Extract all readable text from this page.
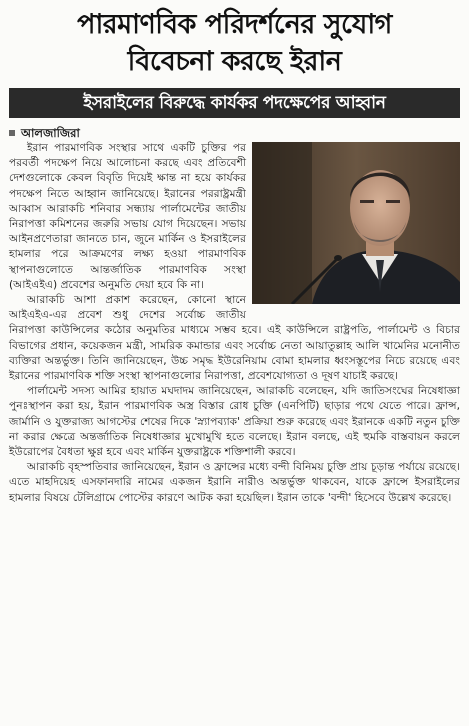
পারমাণবিক পরিদর্শনের সুযোগ
বিবেচনা করছে ইরান
ইসরাইলের বিরুদ্ধে কার্যকর পদক্ষেপের আহ্বান
আলজাজিরা

ইরান পারমাণবিক সংস্থার সাথে একটি চুক্তির পর পরবর্তী পদক্ষেপ নিয়ে আলোচনা করছে এবং প্রতিবেশী দেশগুলোকে কেবল বিবৃতি দিয়েই ক্ষান্ত না হয়ে কার্যকর পদক্ষেপ নিতে আহ্বান জানিয়েছে। ইরানের পররাষ্ট্রমন্ত্রী আব্বাস আরাকচি শনিবার সন্ধ্যায় পার্লামেন্টের জাতীয় নিরাপত্তা কমিশনের জরুরি সভায় যোগ দিয়েছেন। সভায় আইনপ্রণেতারা জানতে চান, জুনে মার্কিন ও ইসরাইলের হামলার পরে আক্রমণের লক্ষ্য হওয়া পারমাণবিক স্থাপনাগুলোতে আন্তর্জাতিক পারমাণবিক সংস্থা (আইএইএ) প্রবেশের অনুমতি দেয়া হবে কি না।

আরাকচি আশা প্রকাশ করেছেন, কোনো স্থানে আইএইএ-এর প্রবেশ শুধু দেশের সর্বোচ্চ জাতীয় নিরাপত্তা কাউন্সিলের কঠোর অনুমতির মাধ্যমে সম্ভব হবে। এই কাউন্সিলে রাষ্ট্রপতি, পার্লামেন্ট ও বিচার বিভাগের প্রধান, কয়েকজন মন্ত্রী, সামরিক কমান্ডার এবং সর্বোচ্চ নেতা আয়াতুল্লাহ আলি খামেনির মনোনীত ব্যক্তিরা অন্তর্ভুক্ত। তিনি জানিয়েছেন, উচ্চ সমৃদ্ধ ইউরেনিয়াম বোমা হামলার ধ্বংসস্তূপের নিচে রয়েছে এবং ইরানের পারমাণবিক শক্তি সংস্থা স্থাপনাগুলোর নিরাপত্তা, প্রবেশযোগ্যতা ও দূষণ যাচাই করছে।

পার্লামেন্ট সদস্য আমির হায়াত মঘদাদম জানিয়েছেন, আরাকচি বলেছেন, যদি জাতিসংঘের নিষেধাজ্ঞা পুনঃস্থাপন করা হয়, ইরান পারমাণবিক অস্ত্র বিস্তার রোধ চুক্তি (এনপিটি) ছাড়ার পথে যেতে পারে। ফ্রান্স, জার্মানি ও যুক্তরাজ্য আগস্টের শেষের দিকে 'স্ন্যাপব্যাক' প্রক্রিয়া শুরু করেছে এবং ইরানকে একটি নতুন চুক্তি না করার ক্ষেত্রে অন্তর্জাতিক নিষেধাজ্ঞার মুখোমুখি হতে বলেছে। ইরান বলছে, এই হুমকি বাস্তবায়ন করলে ইউরোপের বৈধতা ক্ষুণ্ণ হবে এবং মার্কিন যুক্তরাষ্ট্রকে শক্তিশালী করবে।

আরাকচি বৃহস্পতিবার জানিয়েছেন, ইরান ও ফ্রান্সের মধ্যে বন্দী বিনিময় চুক্তি প্রায় চূড়ান্ত পর্যায়ে রয়েছে। এতে মাহদিয়েহ এসফানদারি নামের একজন ইরানি নারীও অন্তর্ভুক্ত থাকবেন, যাকে ফ্রান্সে ইসরাইলের হামলার বিষয়ে টেলিগ্রামে পোস্টের কারণে আটক করা হয়েছিল। ইরান তাকে 'বন্দী' হিসেবে উল্লেখ করেছে।
